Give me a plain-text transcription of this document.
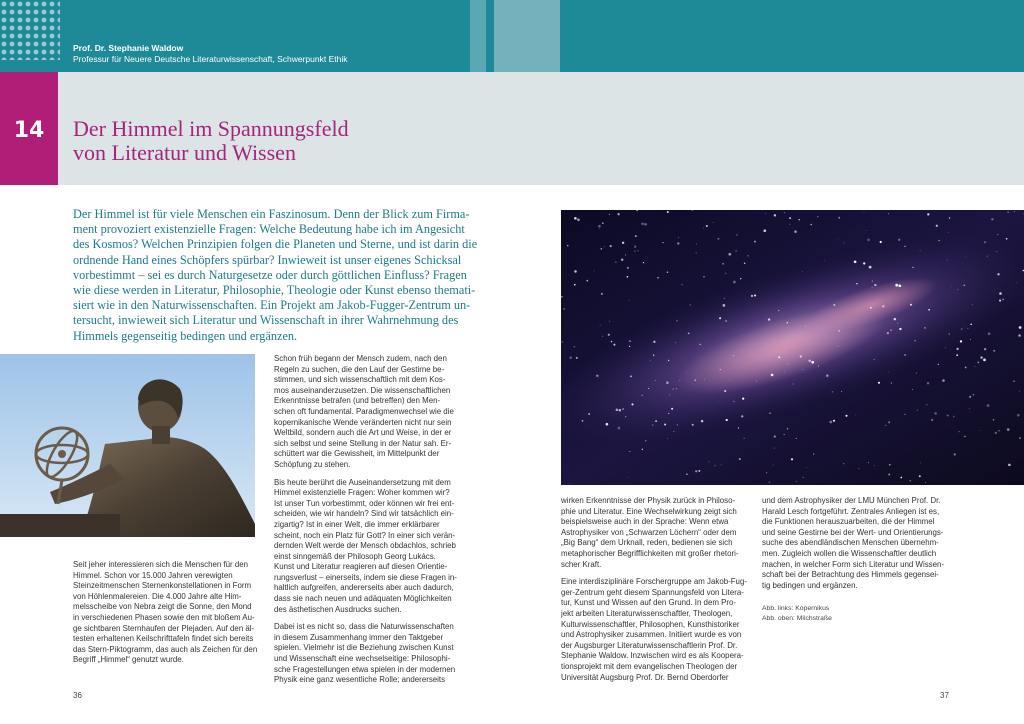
Prof. Dr. Stephanie Waldow
Professur für Neuere Deutsche Literaturwissenschaft, Schwerpunkt Ethik
14	Der Himmel im Spannungsfeld
von Literatur und Wissen
Der Himmel ist für viele Menschen ein Faszinosum. Denn der Blick zum Firma-
ment provoziert existenzielle Fragen: Welche Bedeutung habe ich im Angesicht
des Kosmos? Welchen Prinzipien folgen die Planeten und Sterne, und ist darin die
ordnende Hand eines Schöpfers spürbar? Inwieweit ist unser eigenes Schicksal
vorbestimmt – sei es durch Naturgesetze oder durch göttlichen Einfluss? Fragen
wie diese werden in Literatur, Philosophie, Theologie oder Kunst ebenso themati-
siert wie in den Naturwissenschaften. Ein Projekt am Jakob-Fugger-Zentrum un-
tersucht, inwieweit sich Literatur und Wissenschaft in ihrer Wahrnehmung des
Himmels gegenseitig bedingen und ergänzen.
Seit jeher interessieren sich die Menschen für den
Himmel. Schon vor 15.000 Jahren verewigten
Steinzeitmenschen Sternenkonstellationen in Form
von Höhlenmalereien. Die 4.000 Jahre alte Him-
melsscheibe von Nebra zeigt die Sonne, den Mond
in verschiedenen Phasen sowie den mit bloßem Au-
ge sichtbaren Sternhaufen der Plejaden. Auf den äl-
testen erhaltenen Keilschrifttafeln findet sich bereits
das Stern-Piktogramm, das auch als Zeichen für den
Begriff „Himmel“ genutzt wurde.
Schon früh begann der Mensch zudem, nach den
Regeln zu suchen, die den Lauf der Gestirne be-
stimmen, und sich wissenschaftlich mit dem Kos-
mos auseinanderzusetzen. Die wissenschaftlichen
Erkenntnisse betrafen (und betreffen) den Men-
schen oft fundamental. Paradigmenwechsel wie die
kopernikanische Wende veränderten nicht nur sein
Weltbild, sondern auch die Art und Weise, in der er
sich selbst und seine Stellung in der Natur sah. Er-
schüttert war die Gewissheit, im Mittelpunkt der
Schöpfung zu stehen.
Bis heute berührt die Auseinandersetzung mit dem
Himmel existenzielle Fragen: Woher kommen wir?
Ist unser Tun vorbestimmt, oder können wir frei ent-
scheiden, wie wir handeln? Sind wir tatsächlich ein-
zigartig? Ist in einer Welt, die immer erklärbarer
scheint, noch ein Platz für Gott? In einer sich verän-
dernden Welt werde der Mensch obdachlos, schrieb
einst sinngemäß der Philosoph Georg Lukács.
Kunst und Literatur reagieren auf diesen Orientie-
rungsverlust – einerseits, indem sie diese Fragen in-
haltlich aufgreifen, andererseits aber auch dadurch,
dass sie nach neuen und adäquaten Möglichkeiten
des ästhetischen Ausdrucks suchen.
Dabei ist es nicht so, dass die Naturwissenschaften
in diesem Zusammenhang immer den Taktgeber
spielen. Vielmehr ist die Beziehung zwischen Kunst
und Wissenschaft eine wechselseitige: Philosophi-
sche Fragestellungen etwa spielen in der modernen
Physik eine ganz wesentliche Rolle; andererseits
wirken Erkenntnisse der Physik zurück in Philoso-
phie und Literatur. Eine Wechselwirkung zeigt sich
beispielsweise auch in der Sprache: Wenn etwa
Astrophysiker von „Schwarzen Löchern“ oder dem
„Big Bang“ dem Urknall, reden, bedienen sie sich
metaphorischer Begrifflichkeiten mit großer rhetori-
scher Kraft.
Eine interdisziplinäre Forschergruppe am Jakob-Fug-
ger-Zentrum geht diesem Spannungsfeld von Litera-
tur, Kunst und Wissen auf den Grund. In dem Pro-
jekt arbeiten Literaturwissenschaftler, Theologen,
Kulturwissenschaftler, Philosophen, Kunsthistoriker
und Astrophysiker zusammen. Initiiert wurde es von
der Augsburger Literaturwissenschaftlerin Prof. Dr.
Stephanie Waldow. Inzwischen wird es als Koopera-
tionsprojekt mit dem evangelischen Theologen der
Universität Augsburg Prof. Dr. Bernd Oberdorfer
und dem Astrophysiker der LMU München Prof. Dr.
Harald Lesch fortgeführt. Zentrales Anliegen ist es,
die Funktionen herauszuarbeiten, die der Himmel
und seine Gestirne bei der Wert- und Orientierungs-
suche des abendländischen Menschen übernehm-
men. Zugleich wollen die Wissenschaftler deutlich
machen, in welcher Form sich Literatur und Wissen-
schaft bei der Betrachtung des Himmels gegensei-
tig bedingen und ergänzen.
Abb. links: Kopernikus
Abb. oben: Milchstraße
36	37
